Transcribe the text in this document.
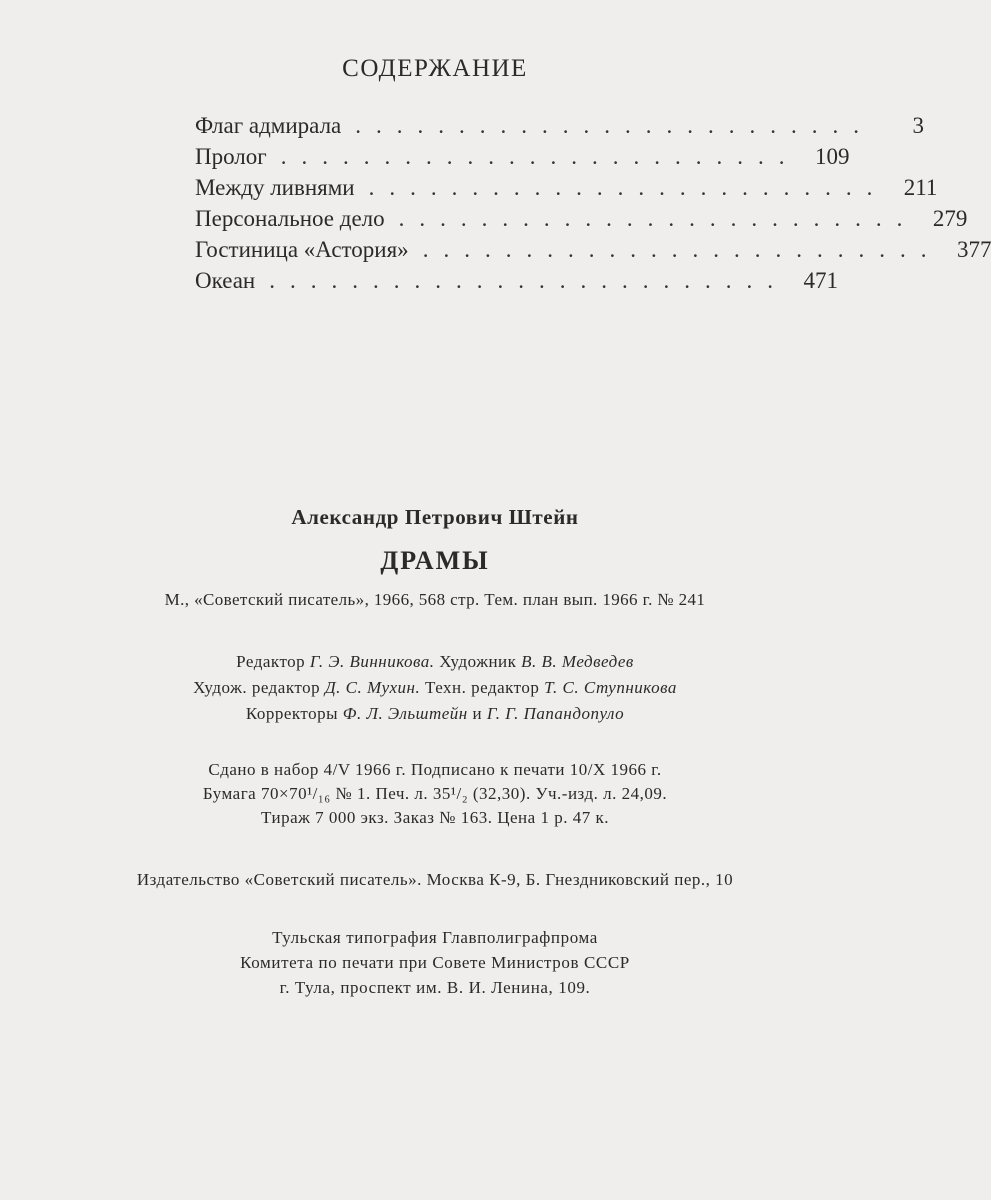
СОДЕРЖАНИЕ
Флаг адмирала .........................	3
Пролог ......................... 109
Между ливнями ......................... 211
Персональное дело ......................... 279
Гостиница «Астория» ......................... 377
Океан ......................... 471
Александр Петрович Штейн
ДРАМЫ
М., «Советский писатель», 1966, 568 стр. Тем. план вып. 1966 г. № 241
Редактор Г. Э. Винникова. Художник В. В. Медведев
Худож. редактор Д. С. Мухин. Техн. редактор Т. С. Ступникова
Корректоры Ф. Л. Эльштейн и Г. Г. Папандопуло
Сдано в набор 4/V 1966 г. Подписано к печати 10/X 1966 г.
Бумага 70×70¹/₁₆ № 1. Печ. л. 35¹/₂ (32,30). Уч.-изд. л. 24,09.
Тираж 7 000 экз. Заказ № 163. Цена 1 р. 47 к.
Издательство «Советский писатель». Москва К-9, Б. Гнездниковский пер., 10
Тульская типография Главполиграфпрома
Комитета по печати при Совете Министров СССР
г. Тула, проспект им. В. И. Ленина, 109.
